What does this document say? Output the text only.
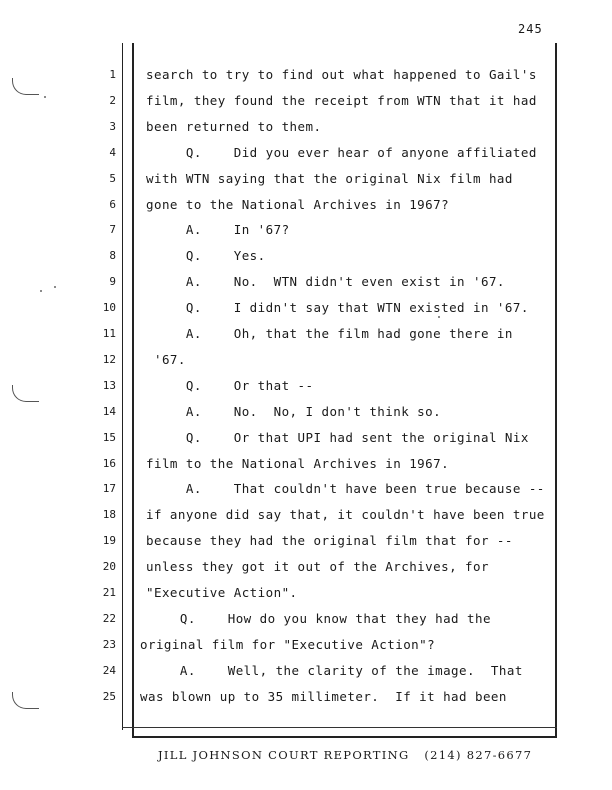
245
1 search to try to find out what happened to Gail's
2 film, they found the receipt from WTN that it had
3 been returned to them.
4 Q.    Did you ever hear of anyone affiliated
5 with WTN saying that the original Nix film had
6 gone to the National Archives in 1967?
7 A.    In '67?
8 Q.    Yes.
9 A.    No.  WTN didn't even exist in '67.
10 Q.    I didn't say that WTN existed in '67.
11 A.    Oh, that the film had gone there in
12 '67.
13 Q.    Or that --
14 A.    No.  No, I don't think so.
15 Q.    Or that UPI had sent the original Nix
16 film to the National Archives in 1967.
17 A.    That couldn't have been true because --
18 if anyone did say that, it couldn't have been true
19 because they had the original film that for --
20 unless they got it out of the Archives, for
21 "Executive Action".
22 Q.    How do you know that they had the
23 original film for "Executive Action"?
24 A.    Well, the clarity of the image.  That
25 was blown up to 35 millimeter.  If it had been
JILL JOHNSON COURT REPORTING   (214) 827-6677
